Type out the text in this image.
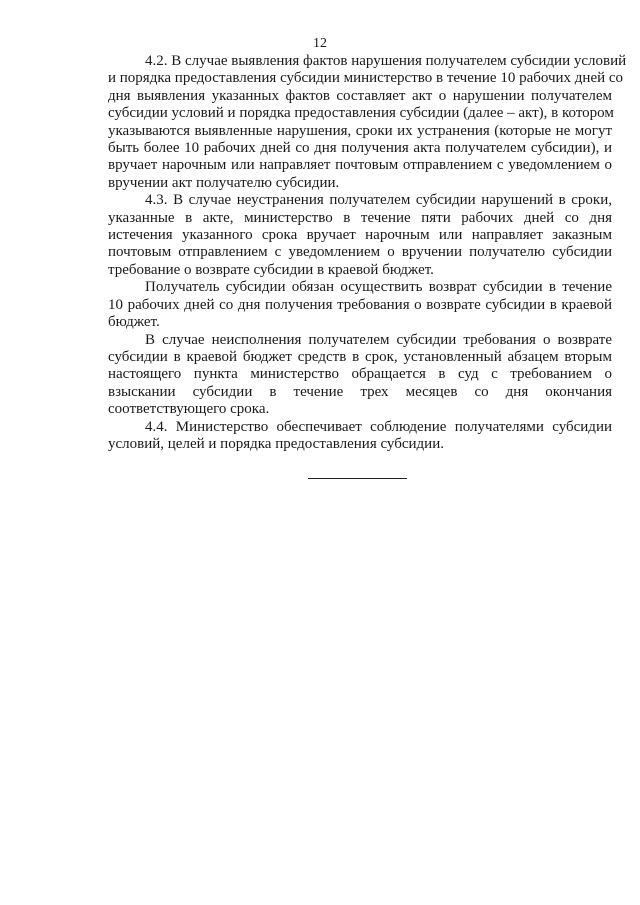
12
4.2. В случае выявления фактов нарушения получателем субсидии условий
и порядка предоставления субсидии министерство в течение 10 рабочих дней со
дня выявления указанных фактов составляет акт о нарушении получателем
субсидии условий и порядка предоставления субсидии (далее – акт), в котором
указываются выявленные нарушения, сроки их устранения (которые не могут
быть более 10 рабочих дней со дня получения акта получателем субсидии), и
вручает нарочным или направляет почтовым отправлением с уведомлением о
вручении акт получателю субсидии.
4.3. В случае неустранения получателем субсидии нарушений в сроки,
указанные в акте, министерство в течение пяти рабочих дней со дня
истечения указанного срока вручает нарочным или направляет заказным
почтовым отправлением с уведомлением о вручении получателю субсидии
требование о возврате субсидии в краевой бюджет.
Получатель субсидии обязан осуществить возврат субсидии в течение
10 рабочих дней со дня получения требования о возврате субсидии в краевой
бюджет.
В случае неисполнения получателем субсидии требования о возврате
субсидии в краевой бюджет средств в срок, установленный абзацем вторым
настоящего пункта министерство обращается в суд с требованием о
взыскании субсидии в течение трех месяцев со дня окончания
соответствующего срока.
4.4. Министерство обеспечивает соблюдение получателями субсидии
условий, целей и порядка предоставления субсидии.
